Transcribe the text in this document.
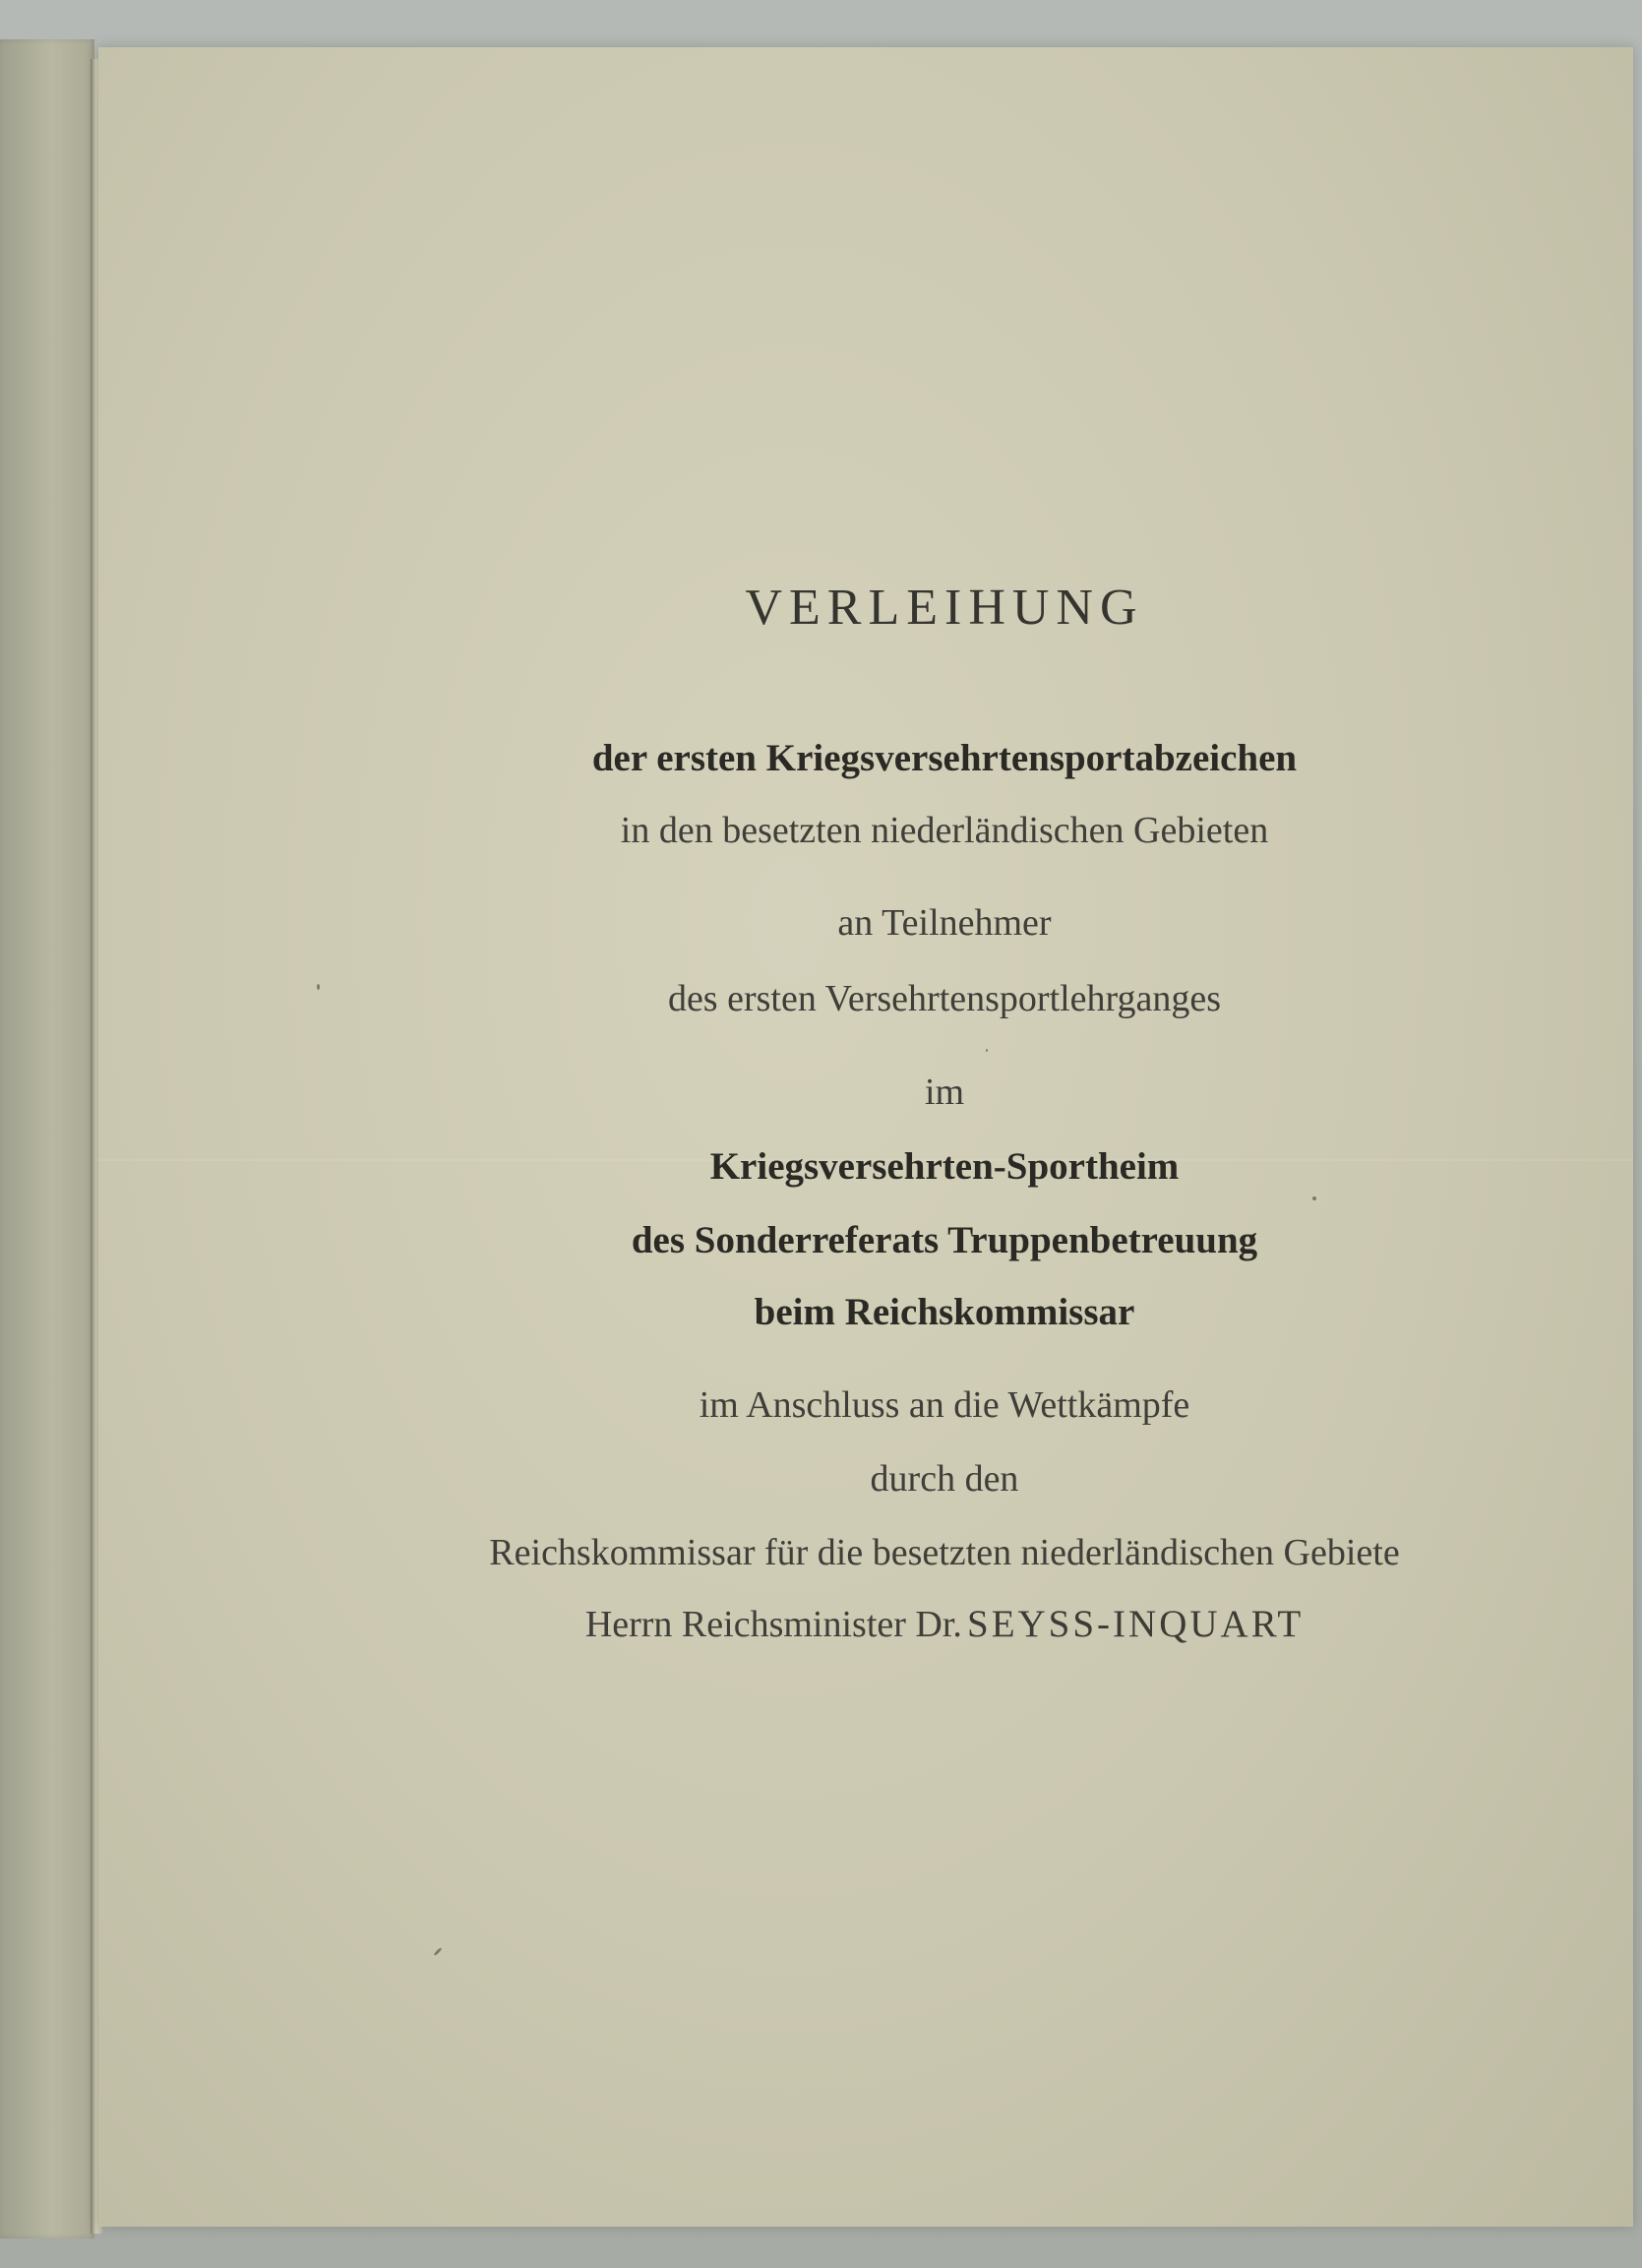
VERLEIHUNG
der ersten Kriegsversehrtensportabzeichen
in den besetzten niederländischen Gebieten
an Teilnehmer
des ersten Versehrtensportlehrganges
im
Kriegsversehrten-Sportheim
des Sonderreferats Truppenbetreuung
beim Reichskommissar
im Anschluss an die Wettkämpfe
durch den
Reichskommissar für die besetzten niederländischen Gebiete
Herrn Reichsminister Dr. SEYSS-INQUART
